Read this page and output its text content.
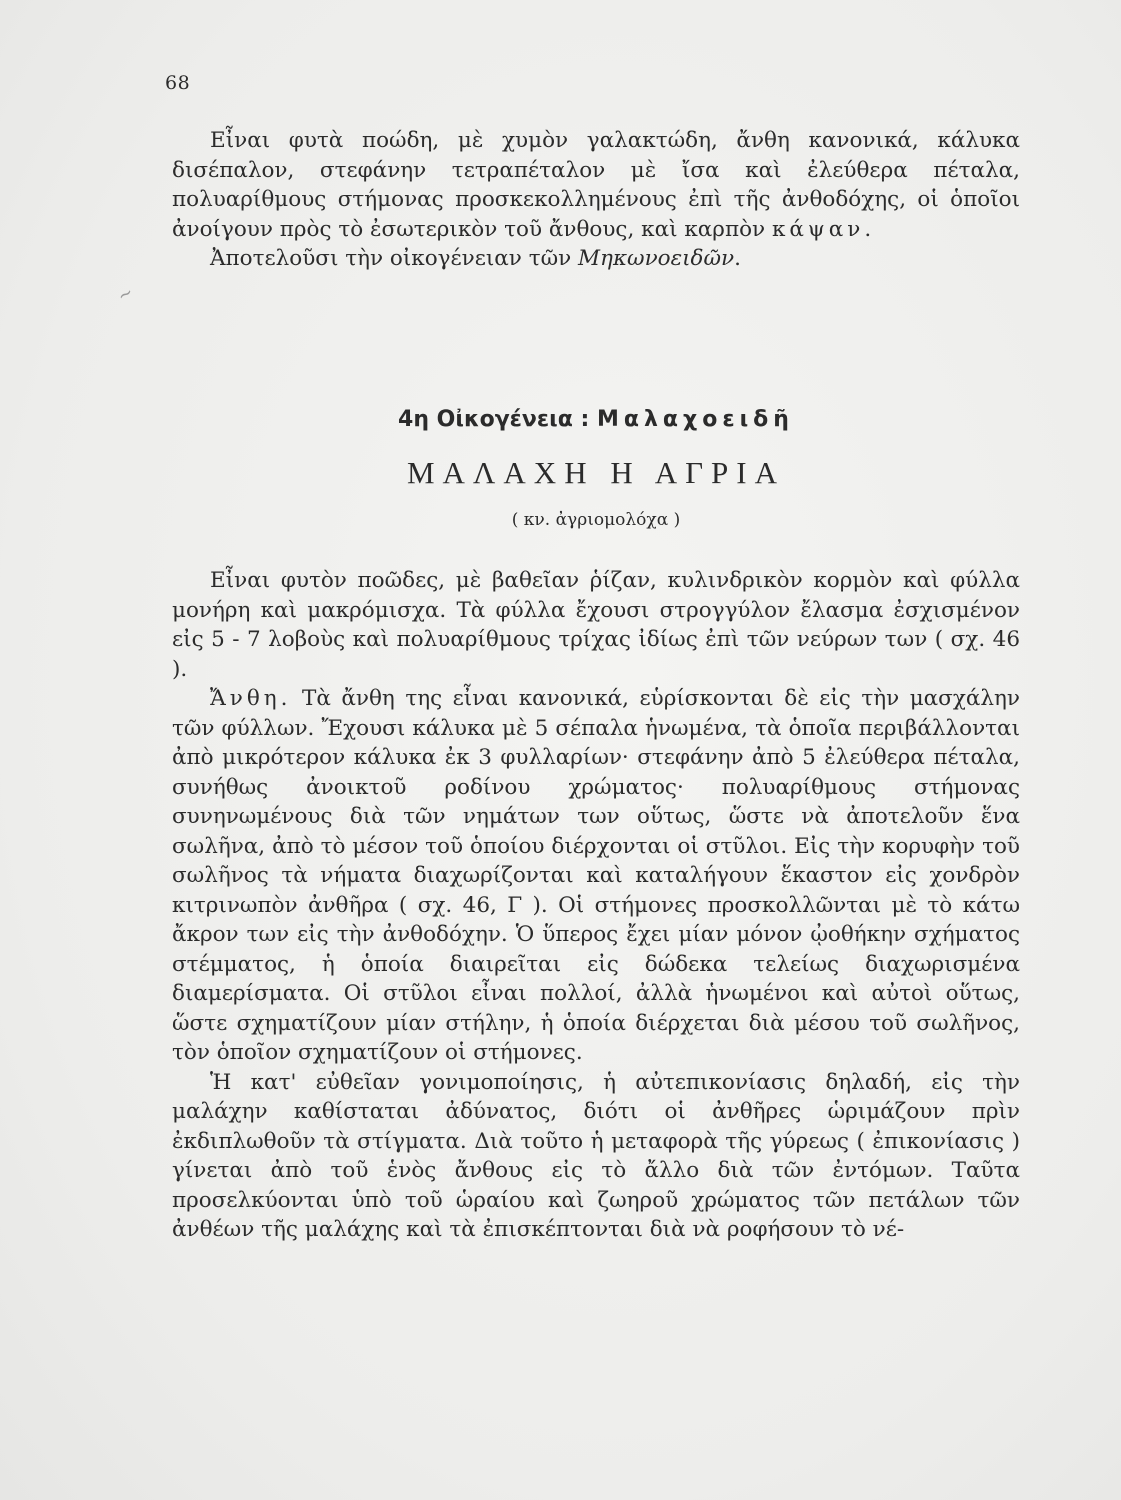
68

Εἶναι φυτὰ ποώδη, μὲ χυμὸν γαλακτώδη, ἄνθη κανονικά, κάλυκα δισέπαλον, στεφάνην τετραπέταλον μὲ ἴσα καὶ ἐλεύθερα πέταλα, πολυαρίθμους στήμονας προσκεκολλημένους ἐπὶ τῆς ἀνθοδόχης, οἱ ὁποῖοι ἀνοίγουν πρὸς τὸ ἐσωτερικὸν τοῦ ἄνθους, καὶ καρπὸν κάψαν.

Ἀποτελοῦσι τὴν οἰκογένειαν τῶν Μηκωνοειδῶν.

~
4η Οἰκογένεια : Μαλαχοειδῆ
ΜΑΛΑΧΗ Η ΑΓΡΙΑ
( κν. ἀγριομολόχα )

Εἶναι φυτὸν ποῶδες, μὲ βαθεῖαν ῥίζαν, κυλινδρικὸν κορμὸν καὶ φύλλα μονήρη καὶ μακρόμισχα. Τὰ φύλλα ἔχουσι στρογγύλον ἔλασμα ἐσχισμένον εἰς 5 - 7 λοβοὺς καὶ πολυαρίθμους τρίχας ἰδίως ἐπὶ τῶν νεύρων των ( σχ. 46 ).

Ἄνθη. Τὰ ἄνθη της εἶναι κανονικά, εὑρίσκονται δὲ εἰς τὴν μασχάλην τῶν φύλλων. Ἔχουσι κάλυκα μὲ 5 σέπαλα ἡνωμένα, τὰ ὁποῖα περιβάλλονται ἀπὸ μικρότερον κάλυκα ἐκ 3 φυλλαρίων· στεφάνην ἀπὸ 5 ἐλεύθερα πέταλα, συνήθως ἀνοικτοῦ ροδίνου χρώματος· πολυαρίθμους στήμονας συνηνωμένους διὰ τῶν νημάτων των οὕτως, ὥστε νὰ ἀποτελοῦν ἕνα σωλῆνα, ἀπὸ τὸ μέσον τοῦ ὁποίου διέρχονται οἱ στῦλοι. Εἰς τὴν κορυφὴν τοῦ σωλῆνος τὰ νήματα διαχωρίζονται καὶ καταλήγουν ἕκαστον εἰς χονδρὸν κιτρινωπὸν ἀνθῆρα ( σχ. 46, Γ ). Οἱ στήμονες προσκολλῶνται μὲ τὸ κάτω ἄκρον των εἰς τὴν ἀνθοδόχην. Ὁ ὕπερος ἔχει μίαν μόνον ᾠοθήκην σχήματος στέμματος, ἡ ὁποία διαιρεῖται εἰς δώδεκα τελείως διαχωρισμένα διαμερίσματα. Οἱ στῦλοι εἶναι πολλοί, ἀλλὰ ἡνωμένοι καὶ αὐτοὶ οὕτως, ὥστε σχηματίζουν μίαν στήλην, ἡ ὁποία διέρχεται διὰ μέσου τοῦ σωλῆνος, τὸν ὁποῖον σχηματίζουν οἱ στήμονες.

Ἡ κατ' εὐθεῖαν γονιμοποίησις, ἡ αὐτεπικονίασις δηλαδή, εἰς τὴν μαλάχην καθίσταται ἀδύνατος, διότι οἱ ἀνθῆρες ὡριμάζουν πρὶν ἐκδιπλωθοῦν τὰ στίγματα. Διὰ τοῦτο ἡ μεταφορὰ τῆς γύρεως ( ἐπικονίασις ) γίνεται ἀπὸ τοῦ ἑνὸς ἄνθους εἰς τὸ ἄλλο διὰ τῶν ἐντόμων. Ταῦτα προσελκύονται ὑπὸ τοῦ ὡραίου καὶ ζωηροῦ χρώματος τῶν πετάλων τῶν ἀνθέων τῆς μαλάχης καὶ τὰ ἐπισκέπτονται διὰ νὰ ροφήσουν τὸ νέ-
